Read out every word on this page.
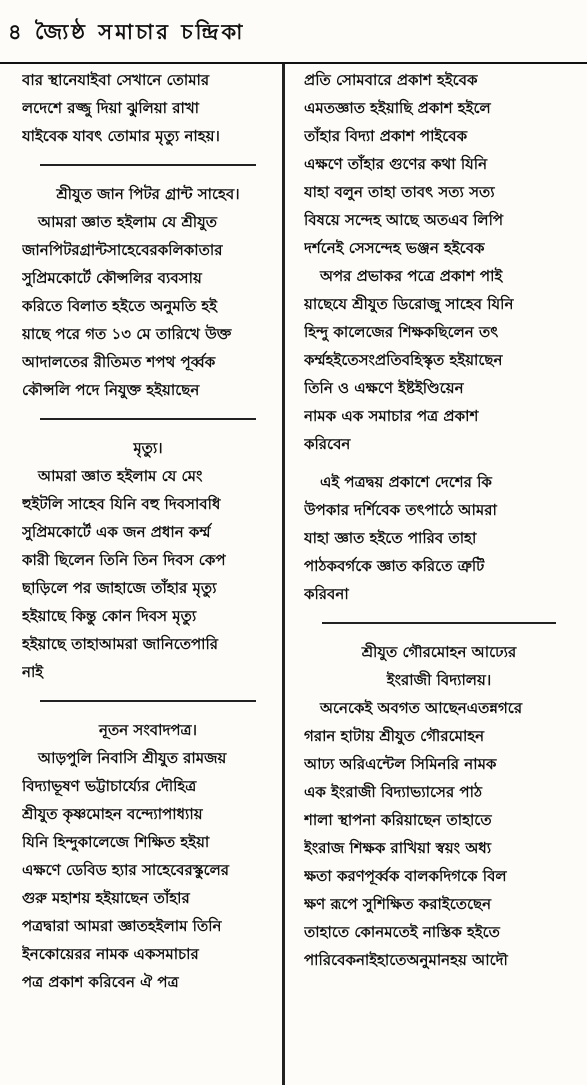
৪ জ্যৈষ্ঠ সমাচার চন্দ্রিকা
বার স্থানেযাইবা সেখানে তোমার
লদেশে রজ্জু দিয়া ঝুলিয়া রাখা
যাইবেক যাবৎ তোমার মৃত্যু নাহয়।
শ্রীযুত জান পিটর গ্রান্ট সাহেব।
আমরা জ্ঞাত হইলাম যে শ্রীযুত
জানপিটরগ্রান্টসাহেবেরকলিকাতার
সুপ্রিমকোর্টে কৌন্সলির ব্যবসায়
করিতে বিলাত হইতে অনুমতি হই
য়াছে পরে গত ১৩ মে তারিখে উক্ত
আদালতের রীতিমত শপথ পূর্ব্বক
কৌন্সলি পদে নিযুক্ত হইয়াছেন
মৃত্যু।
আমরা জ্ঞাত হইলাম যে মেং
হুইটলি সাহেব যিনি বহু দিবসাবধি
সুপ্রিমকোর্টে এক জন প্রধান কর্ম্ম
কারী ছিলেন তিনি তিন দিবস কেপ
ছাড়িলে পর জাহাজে তাঁহার মৃত্যু
হইয়াছে কিন্তু কোন দিবস মৃত্যু
হইয়াছে তাহাআমরা জানিতেপারি
নাই
নূতন সংবাদপত্র।
আড়পুলি নিবাসি শ্রীযুত রামজয়
বিদ্যাভূষণ ভট্টাচার্য্যের দৌহিত্র
শ্রীযুত কৃষ্ণমোহন বন্দ্যোপাধ্যায়
যিনি হিন্দুকালেজে শিক্ষিত হইয়া
এক্ষণে ডেবিড হ্যার সাহেবেরস্কুলের
গুরু মহাশয় হইয়াছেন তাঁহার
পত্রদ্বারা আমরা জ্ঞাতহইলাম তিনি
ইনকোয়েরর নামক একসমাচার
পত্র প্রকাশ করিবেন ঐ পত্র
প্রতি সোমবারে প্রকাশ হইবেক
এমতজ্ঞাত হইয়াছি প্রকাশ হইলে
তাঁহার বিদ্যা প্রকাশ পাইবেক
এক্ষণে তাঁহার গুণের কথা যিনি
যাহা বলুন তাহা তাবৎ সত্য সত্য
বিষয়ে সন্দেহ আছে অতএব লিপি
দর্শনেই সেসন্দেহ ভঞ্জন হইবেক
অপর প্রভাকর পত্রে প্রকাশ পাই
য়াছেযে শ্রীযুত ডিরোজু সাহেব যিনি
হিন্দু কালেজের শিক্ষকছিলেন তৎ
কর্ম্মহইতেসংপ্রতিবহিস্কৃত হইয়াছেন
তিনি ও এক্ষণে ইষ্টইণ্ডিয়েন
নামক এক সমাচার পত্র প্রকাশ
করিবেন
এই পত্রদ্বয় প্রকাশে দেশের কি
উপকার দর্শিবেক তৎপাঠে আমরা
যাহা জ্ঞাত হইতে পারিব তাহা
পাঠকবর্গকে জ্ঞাত করিতে ত্রুটি
করিবনা
শ্রীযুত গৌরমোহন আঢ্যের
ইংরাজী বিদ্যালয়।
অনেকেই অবগত আছেনএতন্নগরে
গরান হাটায় শ্রীযুত গৌরমোহন
আঢ্য অরিএন্টেল সিমিনরি নামক
এক ইংরাজী বিদ্যাভ্যাসের পাঠ
শালা স্থাপনা করিয়াছেন তাহাতে
ইংরাজ শিক্ষক রাখিয়া স্বয়ং অধ্য
ক্ষতা করণপূর্ব্বক বালকদিগকে বিল
ক্ষণ রূপে সুশিক্ষিত করাইতেছেন
তাহাতে কোনমতেই নাস্তিক হইতে
পারিবেকনাইহাতেঅনুমানহয় আদৌ
